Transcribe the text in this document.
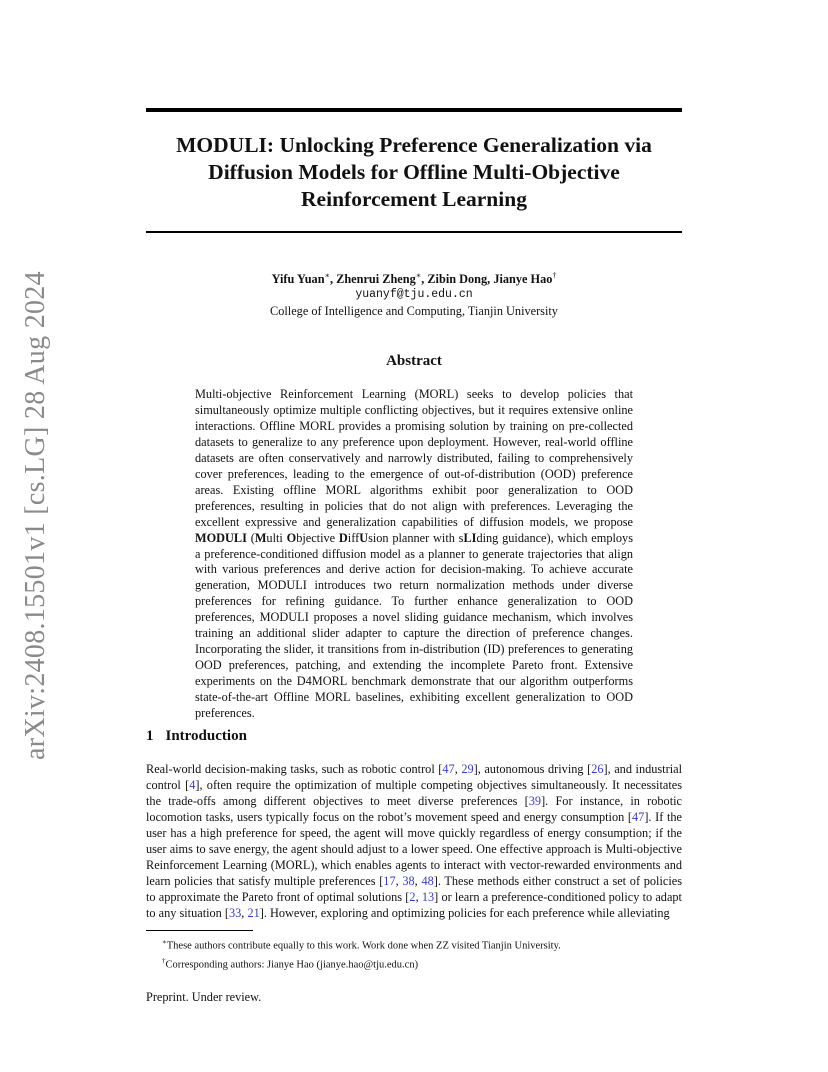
arXiv:2408.15501v1 [cs.LG] 28 Aug 2024
MODULI: Unlocking Preference Generalization via Diffusion Models for Offline Multi-Objective Reinforcement Learning
Yifu Yuan∗, Zhenrui Zheng∗, Zibin Dong, Jianye Hao†
yuanyf@tju.edu.cn
College of Intelligence and Computing, Tianjin University
Abstract
Multi-objective Reinforcement Learning (MORL) seeks to develop policies that simultaneously optimize multiple conflicting objectives, but it requires extensive online interactions. Offline MORL provides a promising solution by training on pre-collected datasets to generalize to any preference upon deployment. However, real-world offline datasets are often conservatively and narrowly distributed, failing to comprehensively cover preferences, leading to the emergence of out-of-distribution (OOD) preference areas. Existing offline MORL algorithms exhibit poor generalization to OOD preferences, resulting in policies that do not align with preferences. Leveraging the excellent expressive and generalization capabilities of diffusion models, we propose MODULI (Multi Objective DiffUsion planner with sLIding guidance), which employs a preference-conditioned diffusion model as a planner to generate trajectories that align with various preferences and derive action for decision-making. To achieve accurate generation, MODULI introduces two return normalization methods under diverse preferences for refining guidance. To further enhance generalization to OOD preferences, MODULI proposes a novel sliding guidance mechanism, which involves training an additional slider adapter to capture the direction of preference changes. Incorporating the slider, it transitions from in-distribution (ID) preferences to generating OOD preferences, patching, and extending the incomplete Pareto front. Extensive experiments on the D4MORL benchmark demonstrate that our algorithm outperforms state-of-the-art Offline MORL baselines, exhibiting excellent generalization to OOD preferences.
1 Introduction
Real-world decision-making tasks, such as robotic control [47, 29], autonomous driving [26], and industrial control [4], often require the optimization of multiple competing objectives simultaneously. It necessitates the trade-offs among different objectives to meet diverse preferences [39]. For instance, in robotic locomotion tasks, users typically focus on the robot’s movement speed and energy consumption [47]. If the user has a high preference for speed, the agent will move quickly regardless of energy consumption; if the user aims to save energy, the agent should adjust to a lower speed. One effective approach is Multi-objective Reinforcement Learning (MORL), which enables agents to interact with vector-rewarded environments and learn policies that satisfy multiple preferences [17, 38, 48]. These methods either construct a set of policies to approximate the Pareto front of optimal solutions [2, 13] or learn a preference-conditioned policy to adapt to any situation [33, 21]. However, exploring and optimizing policies for each preference while alleviating
∗These authors contribute equally to this work. Work done when ZZ visited Tianjin University.
†Corresponding authors: Jianye Hao (jianye.hao@tju.edu.cn)
Preprint. Under review.
